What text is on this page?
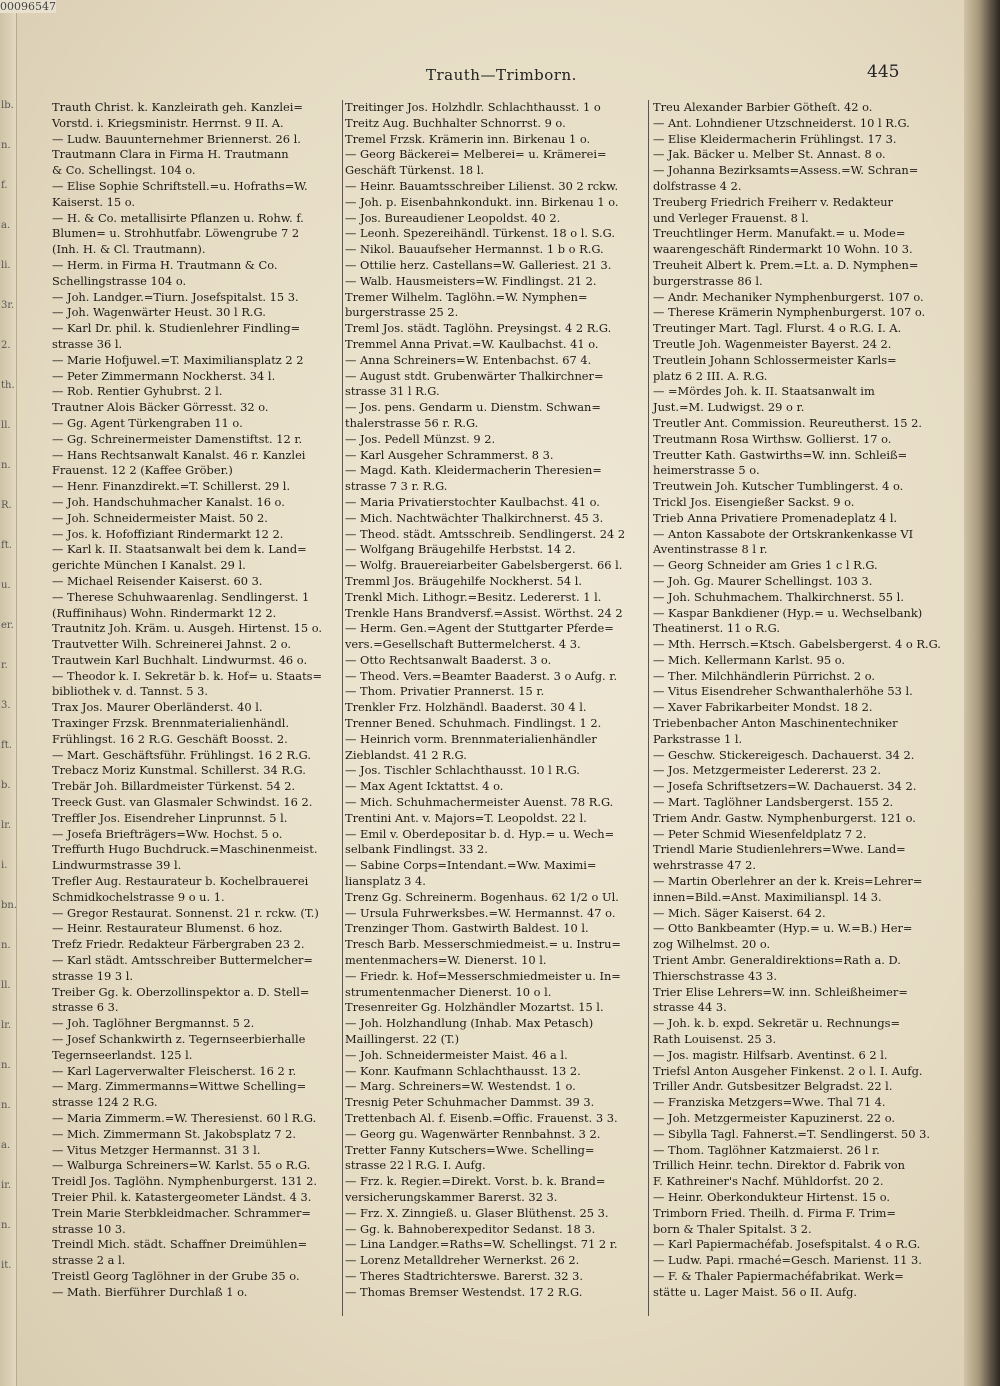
00096547
lb.
n.
f.
a.
li.
3r.
2.
th.
ll.
n.
R.
ft.
u.
er.
r.
3.
ft.
b.
lr.
i.
bn.
n.
ll.
lr.
n.
n.
a.
ir.
n.
it.
Trauth—Trimborn.	445
Trauth Christ. k. Kanzleirath geh. Kanzlei=
Vorstd. i. Kriegsministr. Herrnst. 9 II. A.
— Ludw. Bauunternehmer Briennerst. 26 l.
Trautmann Clara in Firma H. Trautmann
& Co. Schellingst. 104 o.
— Elise Sophie Schriftstell.=u. Hofraths=W.
Kaiserst. 15 o.
— H. & Co. metallisirte Pflanzen u. Rohw. f.
Blumen= u. Strohhutfabr. Löwengrube 7 2
(Inh. H. & Cl. Trautmann).
— Herm. in Firma H. Trautmann & Co.
Schellingstrasse 104 o.
— Joh. Landger.=Tiurn. Josefspitalst. 15 3.
— Joh. Wagenwärter Heust. 30 l R.G.
— Karl Dr. phil. k. Studienlehrer Findling=
strasse 36 l.
— Marie Hofjuwel.=T. Maximiliansplatz 2 2
— Peter Zimmermann Nockherst. 34 l.
— Rob. Rentier Gyhubrst. 2 l.
Trautner Alois Bäcker Görresst. 32 o.
— Gg. Agent Türkengraben 11 o.
— Gg. Schreinermeister Damenstiftst. 12 r.
— Hans Rechtsanwalt Kanalst. 46 r. Kanzlei
Frauenst. 12 2 (Kaffee Gröber.)
— Henr. Finanzdirekt.=T. Schillerst. 29 l.
— Joh. Handschuhmacher Kanalst. 16 o.
— Joh. Schneidermeister Maist. 50 2.
— Jos. k. Hofoffiziant Rindermarkt 12 2.
— Karl k. II. Staatsanwalt bei dem k. Land=
gerichte München I Kanalst. 29 l.
— Michael Reisender Kaiserst. 60 3.
— Therese Schuhwaarenlag. Sendlingerst. 1
(Ruffinihaus) Wohn. Rindermarkt 12 2.
Trautnitz Joh. Kräm. u. Ausgeh. Hirtenst. 15 o.
Trautvetter Wilh. Schreinerei Jahnst. 2 o.
Trautwein Karl Buchhalt. Lindwurmst. 46 o.
— Theodor k. I. Sekretär b. k. Hof= u. Staats=
bibliothek v. d. Tannst. 5 3.
Trax Jos. Maurer Oberländerst. 40 l.
Traxinger Frzsk. Brennmaterialienhändl.
Frühlingst. 16 2 R.G. Geschäft Boosst. 2.
— Mart. Geschäftsführ. Frühlingst. 16 2 R.G.
Trebacz Moriz Kunstmal. Schillerst. 34 R.G.
Trebär Joh. Billardmeister Türkenst. 54 2.
Treeck Gust. van Glasmaler Schwindst. 16 2.
Treffler Jos. Eisendreher Linprunnst. 5 l.
— Josefa Briefträgers=Ww. Hochst. 5 o.
Treffurth Hugo Buchdruck.=Maschinenmeist.
Lindwurmstrasse 39 l.
Trefler Aug. Restaurateur b. Kochelbrauerei
Schmidkochelstrasse 9 o u. 1.
— Gregor Restaurat. Sonnenst. 21 r. rckw. (T.)
— Heinr. Restaurateur Blumenst. 6 hoz.
Trefz Friedr. Redakteur Färbergraben 23 2.
— Karl städt. Amtsschreiber Buttermelcher=
strasse 19 3 l.
Treiber Gg. k. Oberzollinspektor a. D. Stell=
strasse 6 3.
— Joh. Taglöhner Bergmannst. 5 2.
— Josef Schankwirth z. Tegernseerbierhalle
Tegernseerlandst. 125 l.
— Karl Lagerverwalter Fleischerst. 16 2 r.
— Marg. Zimmermanns=Wittwe Schelling=
strasse 124 2 R.G.
— Maria Zimmerm.=W. Theresienst. 60 l R.G.
— Mich. Zimmermann St. Jakobsplatz 7 2.
— Vitus Metzger Hermannst. 31 3 l.
— Walburga Schreiners=W. Karlst. 55 o R.G.
Treidl Jos. Taglöhn. Nymphenburgerst. 131 2.
Treier Phil. k. Katastergeometer Ländst. 4 3.
Trein Marie Sterbkleidmacher. Schrammer=
strasse 10 3.
Treindl Mich. städt. Schaffner Dreimühlen=
strasse 2 a l.
Treistl Georg Taglöhner in der Grube 35 o.
— Math. Bierführer Durchlaß 1 o.
Treitinger Jos. Holzhdlr. Schlachthausst. 1 o
Treitz Aug. Buchhalter Schnorrst. 9 o.
Tremel Frzsk. Krämerin inn. Birkenau 1 o.
— Georg Bäckerei= Melberei= u. Krämerei=
Geschäft Türkenst. 18 l.
— Heinr. Bauamtsschreiber Lilienst. 30 2 rckw.
— Joh. p. Eisenbahnkondukt. inn. Birkenau 1 o.
— Jos. Bureaudiener Leopoldst. 40 2.
— Leonh. Spezereihändl. Türkenst. 18 o l. S.G.
— Nikol. Bauaufseher Hermannst. 1 b o R.G.
— Ottilie herz. Castellans=W. Galleriest. 21 3.
— Walb. Hausmeisters=W. Findlingst. 21 2.
Tremer Wilhelm. Taglöhn.=W. Nymphen=
burgerstrasse 25 2.
Treml Jos. städt. Taglöhn. Preysingst. 4 2 R.G.
Tremmel Anna Privat.=W. Kaulbachst. 41 o.
— Anna Schreiners=W. Entenbachst. 67 4.
— August stdt. Grubenwärter Thalkirchner=
strasse 31 l R.G.
— Jos. pens. Gendarm u. Dienstm. Schwan=
thalerstrasse 56 r. R.G.
— Jos. Pedell Münzst. 9 2.
— Karl Ausgeher Schrammerst. 8 3.
— Magd. Kath. Kleidermacherin Theresien=
strasse 7 3 r. R.G.
— Maria Privatierstochter Kaulbachst. 41 o.
— Mich. Nachtwächter Thalkirchnerst. 45 3.
— Theod. städt. Amtsschreib. Sendlingerst. 24 2
— Wolfgang Bräugehilfe Herbstst. 14 2.
— Wolfg. Brauereiarbeiter Gabelsbergerst. 66 l.
Tremml Jos. Bräugehilfe Nockherst. 54 l.
Trenkl Mich. Lithogr.=Besitz. Ledererst. 1 l.
Trenkle Hans Brandversf.=Assist. Wörthst. 24 2
— Herm. Gen.=Agent der Stuttgarter Pferde=
vers.=Gesellschaft Buttermelcherst. 4 3.
— Otto Rechtsanwalt Baaderst. 3 o.
— Theod. Vers.=Beamter Baaderst. 3 o Aufg. r.
— Thom. Privatier Prannerst. 15 r.
Trenkler Frz. Holzhändl. Baaderst. 30 4 l.
Trenner Bened. Schuhmach. Findlingst. 1 2.
— Heinrich vorm. Brennmaterialienhändler
Zieblandst. 41 2 R.G.
— Jos. Tischler Schlachthausst. 10 l R.G.
— Max Agent Icktattst. 4 o.
— Mich. Schuhmachermeister Auenst. 78 R.G.
Trentini Ant. v. Majors=T. Leopoldst. 22 l.
— Emil v. Oberdepositar b. d. Hyp.= u. Wech=
selbank Findlingst. 33 2.
— Sabine Corps=Intendant.=Ww. Maximi=
liansplatz 3 4.
Trenz Gg. Schreinerm. Bogenhaus. 62 1/2 o Ul.
— Ursula Fuhrwerksbes.=W. Hermannst. 47 o.
Trenzinger Thom. Gastwirth Baldest. 10 l.
Tresch Barb. Messerschmiedmeist.= u. Instru=
mentenmachers=W. Dienerst. 10 l.
— Friedr. k. Hof=Messerschmiedmeister u. In=
strumentenmacher Dienerst. 10 o l.
Tresenreiter Gg. Holzhändler Mozartst. 15 l.
— Joh. Holzhandlung (Inhab. Max Petasch)
Maillingerst. 22 (T.)
— Joh. Schneidermeister Maist. 46 a l.
— Konr. Kaufmann Schlachthausst. 13 2.
— Marg. Schreiners=W. Westendst. 1 o.
Tresnig Peter Schuhmacher Dammst. 39 3.
Trettenbach Al. f. Eisenb.=Offic. Frauenst. 3 3.
— Georg gu. Wagenwärter Rennbahnst. 3 2.
Tretter Fanny Kutschers=Wwe. Schelling=
strasse 22 l R.G. I. Aufg.
— Frz. k. Regier.=Direkt. Vorst. b. k. Brand=
versicherungskammer Barerst. 32 3.
— Frz. X. Zinngieß. u. Glaser Blüthenst. 25 3.
— Gg. k. Bahnoberexpeditor Sedanst. 18 3.
— Lina Landger.=Raths=W. Schellingst. 71 2 r.
— Lorenz Metalldreher Wernerkst. 26 2.
— Theres Stadtrichterswe. Barerst. 32 3.
— Thomas Bremser Westendst. 17 2 R.G.
Treu Alexander Barbier Götheſt. 42 o.
— Ant. Lohndiener Utzschneiderst. 10 l R.G.
— Elise Kleidermacherin Frühlingst. 17 3.
— Jak. Bäcker u. Melber St. Annast. 8 o.
— Johanna Bezirksamts=Assess.=W. Schran=
dolfstrasse 4 2.
Treuberg Friedrich Freiherr v. Redakteur
und Verleger Frauenst. 8 l.
Treuchtlinger Herm. Manufakt.= u. Mode=
waarengeschäft Rindermarkt 10 Wohn. 10 3.
Treuheit Albert k. Prem.=Lt. a. D. Nymphen=
burgerstrasse 86 l.
— Andr. Mechaniker Nymphenburgerst. 107 o.
— Therese Krämerin Nymphenburgerst. 107 o.
Treutinger Mart. Tagl. Flurst. 4 o R.G. I. A.
Treutle Joh. Wagenmeister Bayerst. 24 2.
Treutlein Johann Schlossermeister Karls=
platz 6 2 III. A. R.G.
— =Mördes Joh. k. II. Staatsanwalt im
Just.=M. Ludwigst. 29 o r.
Treutler Ant. Commission. Reureutherst. 15 2.
Treutmann Rosa Wirthsw. Gollierst. 17 o.
Treutter Kath. Gastwirths=W. inn. Schleiß=
heimerstrasse 5 o.
Treutwein Joh. Kutscher Tumblingerst. 4 o.
Trickl Jos. Eisengießer Sackst. 9 o.
Trieb Anna Privatiere Promenadeplatz 4 l.
— Anton Kassabote der Ortskrankenkasse VI
Aventinstrasse 8 l r.
— Georg Schneider am Gries 1 c l R.G.
— Joh. Gg. Maurer Schellingst. 103 3.
— Joh. Schuhmachem. Thalkirchnerst. 55 l.
— Kaspar Bankdiener (Hyp.= u. Wechselbank)
Theatinerst. 11 o R.G.
— Mth. Herrsch.=Ktsch. Gabelsbergerst. 4 o R.G.
— Mich. Kellermann Karlst. 95 o.
— Ther. Milchhändlerin Pürrichst. 2 o.
— Vitus Eisendreher Schwanthalerhöhe 53 l.
— Xaver Fabrikarbeiter Mondst. 18 2.
Triebenbacher Anton Maschinentechniker
Parkstrasse 1 l.
— Geschw. Stickereigesch. Dachauerst. 34 2.
— Jos. Metzgermeister Ledererst. 23 2.
— Josefa Schriftsetzers=W. Dachauerst. 34 2.
— Mart. Taglöhner Landsbergerst. 155 2.
Triem Andr. Gastw. Nymphenburgerst. 121 o.
— Peter Schmid Wiesenfeldplatz 7 2.
Triendl Marie Studienlehrers=Wwe. Land=
wehrstrasse 47 2.
— Martin Oberlehrer an der k. Kreis=Lehrer=
innen=Bild.=Anst. Maximilianspl. 14 3.
— Mich. Säger Kaiserst. 64 2.
— Otto Bankbeamter (Hyp.= u. W.=B.) Her=
zog Wilhelmst. 20 o.
Trient Ambr. Generaldirektions=Rath a. D.
Thierschstrasse 43 3.
Trier Elise Lehrers=W. inn. Schleißheimer=
strasse 44 3.
— Joh. k. b. expd. Sekretär u. Rechnungs=
Rath Louisenst. 25 3.
— Jos. magistr. Hilfsarb. Aventinst. 6 2 l.
Triefsl Anton Ausgeher Finkenst. 2 o l. I. Aufg.
Triller Andr. Gutsbesitzer Belgradst. 22 l.
— Franziska Metzgers=Wwe. Thal 71 4.
— Joh. Metzgermeister Kapuzinerst. 22 o.
— Sibylla Tagl. Fahnerst.=T. Sendlingerst. 50 3.
— Thom. Taglöhner Katzmaierst. 26 l r.
Trillich Heinr. techn. Direktor d. Fabrik von
F. Kathreiner's Nachf. Mühldorfst. 20 2.
— Heinr. Oberkondukteur Hirtenst. 15 o.
Trimborn Fried. Theilh. d. Firma F. Trim=
born & Thaler Spitalst. 3 2.
— Karl Papiermachéfab. Josefspitalst. 4 o R.G.
— Ludw. Papi. rmaché=Gesch. Marienst. 11 3.
— F. & Thaler Papiermachéfabrikat. Werk=
stätte u. Lager Maist. 56 o II. Aufg.
